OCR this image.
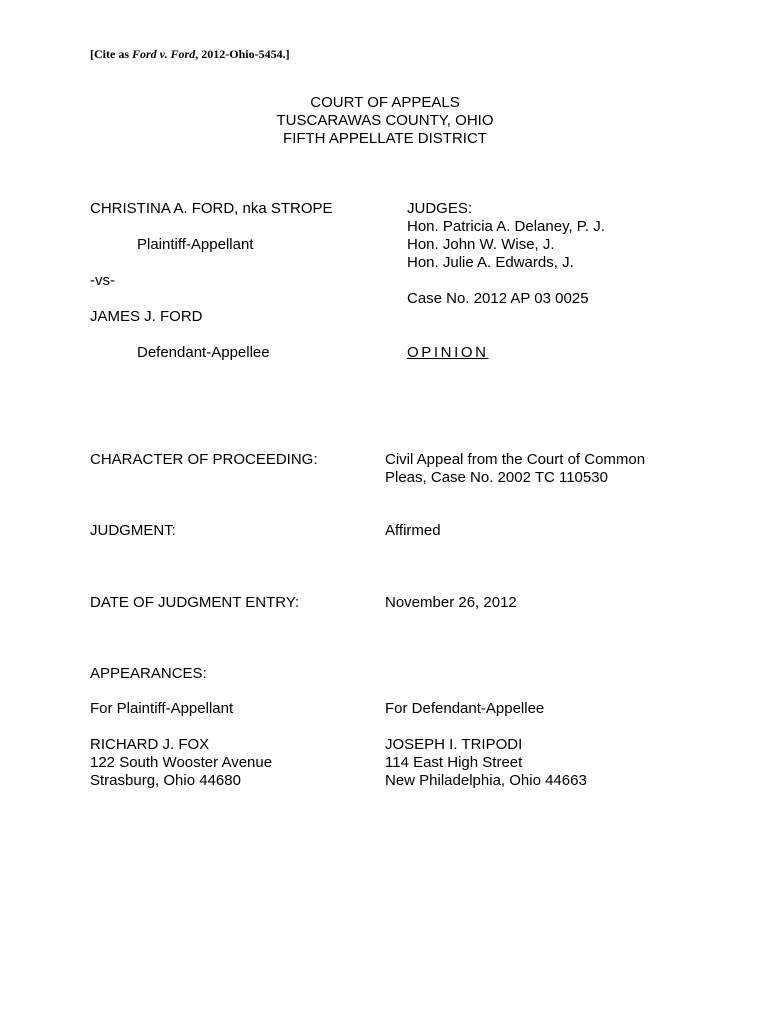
[Cite as Ford v. Ford, 2012-Ohio-5454.]
COURT OF APPEALS
TUSCARAWAS COUNTY, OHIO
FIFTH APPELLATE DISTRICT
CHRISTINA A. FORD, nka STROPE
Plaintiff-Appellant
-vs-
JAMES J. FORD
Defendant-Appellee
JUDGES:
Hon. Patricia A. Delaney, P. J.
Hon. John W. Wise, J.
Hon. Julie A. Edwards, J.
Case No. 2012 AP 03 0025
OPINION
CHARACTER OF PROCEEDING:	Civil Appeal from the Court of Common
Pleas, Case No. 2002 TC 110530
JUDGMENT:	Affirmed
DATE OF JUDGMENT ENTRY:	November 26, 2012
APPEARANCES:
For Plaintiff-Appellant
RICHARD J. FOX
122 South Wooster Avenue
Strasburg, Ohio 44680
For Defendant-Appellee
JOSEPH I. TRIPODI
114 East High Street
New Philadelphia, Ohio 44663
